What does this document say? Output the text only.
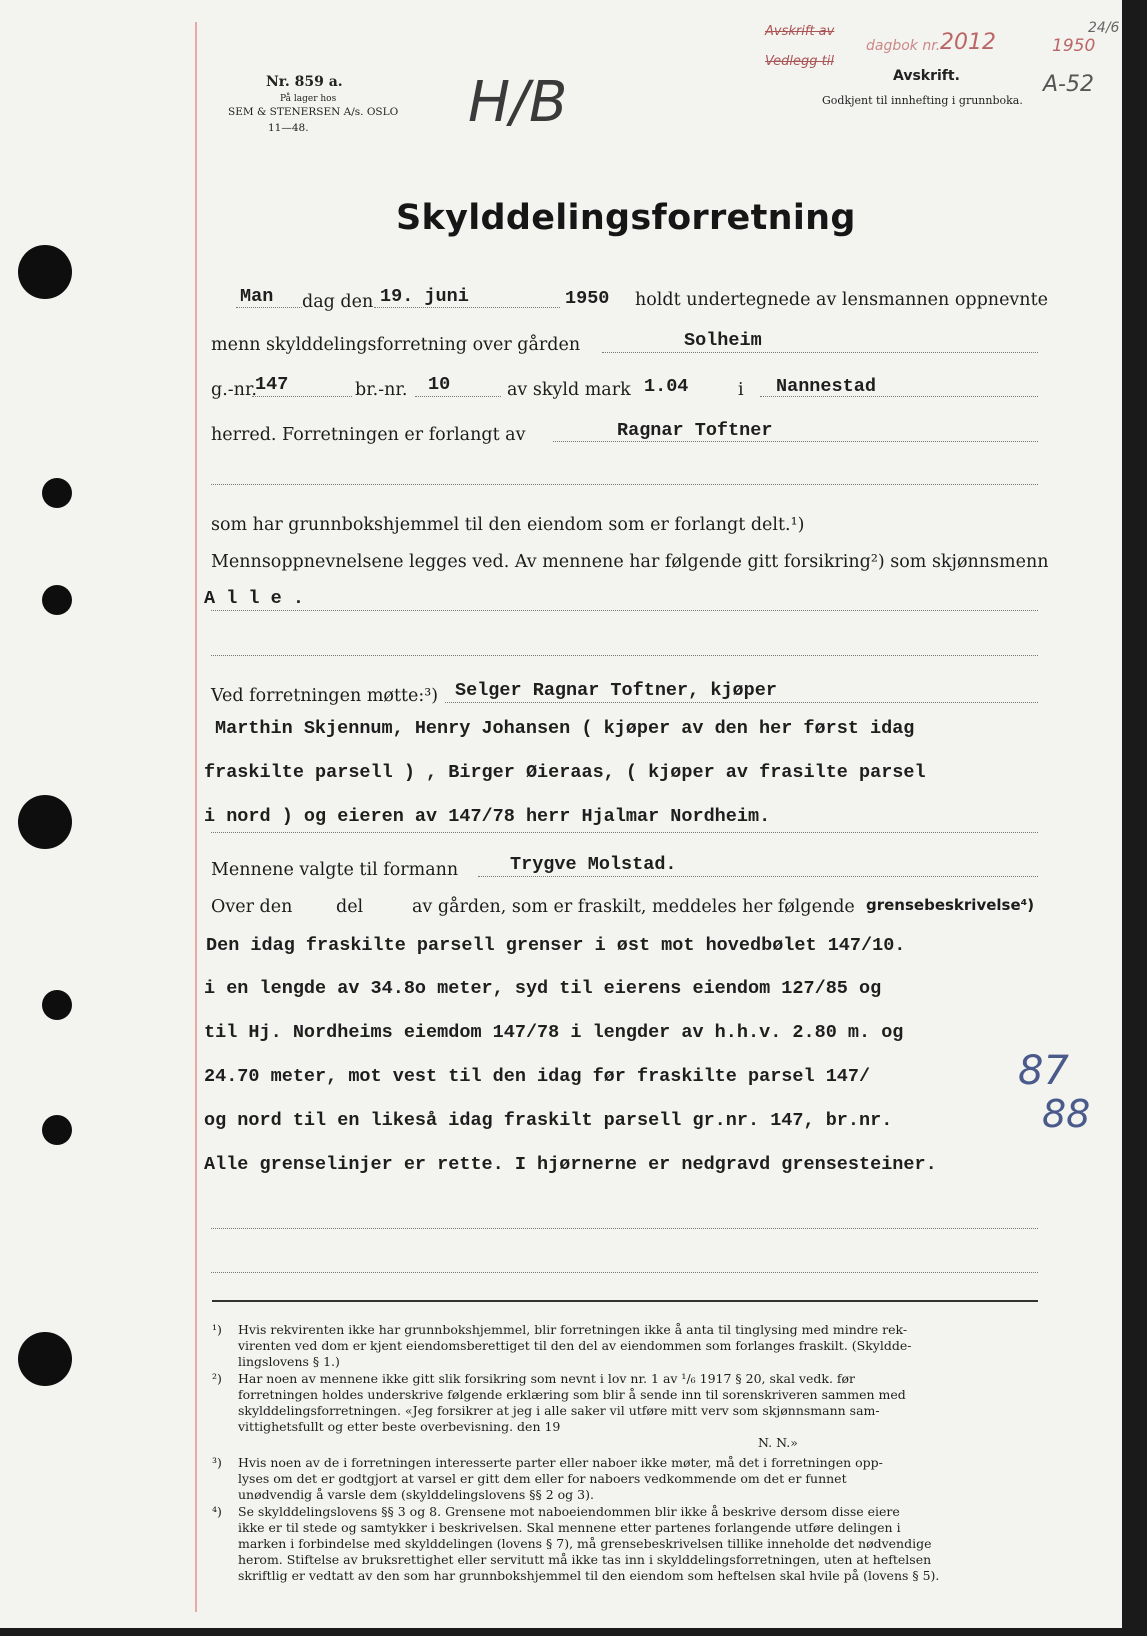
Nr. 859 a.
På lager hos
SEM & STENERSEN A/s. OSLO
11—48.	H/B
Avskrift av
Vedlegg til
dagbok nr. 2012	1950
24/6
Avskrift.
Godkjent til innhefting i grunnboka.
A-52
Skylddelingsforretning
Man dag den 19. juni	1950 holdt undertegnede av lensmannen oppnevnte
menn skylddelingsforretning over gården	Solheim
g.-nr.
147	br.-nr. 10	av skyld mark 1.04	i Nannestad
herred. Forretningen er forlangt av	Ragnar Toftner
som har grunnbokshjemmel til den eiendom som er forlangt delt.¹)
Mennsoppnevnelsene legges ved. Av mennene har følgende gitt forsikring²) som skjønnsmenn
A l l e .
Ved forretningen møtte:³) Selger Ragnar Toftner, kjøper
Marthin Skjennum, Henry Johansen ( kjøper av den her først idag
fraskilte parsell ) , Birger Øieraas, ( kjøper av frasilte parsel
i nord ) og eieren av 147/78 herr Hjalmar Nordheim.
Mennene valgte til formann	Trygve Molstad.
Over den del	av gården, som er fraskilt, meddeles her følgende grensebeskrivelse⁴)
Den idag fraskilte parsell grenser i øst mot hovedbølet 147/10.
i en lengde av 34.8o meter, syd til eierens eiendom 127/85 og
til Hj. Nordheims eiemdom 147/78 i lengder av h.h.v. 2.80 m. og
24.70 meter, mot vest til den idag før fraskilte parsel 147/	87
og nord til en likeså idag fraskilt parsell gr.nr. 147, br.nr.	88
Alle grenselinjer er rette. I hjørnerne er nedgravd grensesteiner.
¹) Hvis rekvirenten ikke har grunnbokshjemmel, blir forretningen ikke å anta til tinglysing med mindre rek-

virenten ved dom er kjent eiendomsberettiget til den del av eiendommen som forlanges fraskilt. (Skyldde-

lingslovens § 1.)

²) Har noen av mennene ikke gitt slik forsikring som nevnt i lov nr. 1 av ¹/₆ 1917 § 20, skal vedk. før

forretningen holdes underskrive følgende erklæring som blir å sende inn til sorenskriveren sammen med

skylddelingsforretningen. «Jeg forsikrer at jeg i alle saker vil utføre mitt verv som skjønnsmann sam-

vittighetsfullt og etter beste overbevisning. den 19

N. N.»

³) Hvis noen av de i forretningen interesserte parter eller naboer ikke møter, må det i forretningen opp-

lyses om det er godtgjort at varsel er gitt dem eller for naboers vedkommende om det er funnet

unødvendig å varsle dem (skylddelingslovens §§ 2 og 3).

⁴) Se skylddelingslovens §§ 3 og 8. Grensene mot naboeiendommen blir ikke å beskrive dersom disse eiere

ikke er til stede og samtykker i beskrivelsen. Skal mennene etter partenes forlangende utføre delingen i

marken i forbindelse med skylddelingen (lovens § 7), må grensebeskrivelsen tillike inneholde det nødvendige

herom. Stiftelse av bruksrettighet eller servitutt må ikke tas inn i skylddelingsforretningen, uten at heftelsen

skriftlig er vedtatt av den som har grunnbokshjemmel til den eiendom som heftelsen skal hvile på (lovens § 5).
